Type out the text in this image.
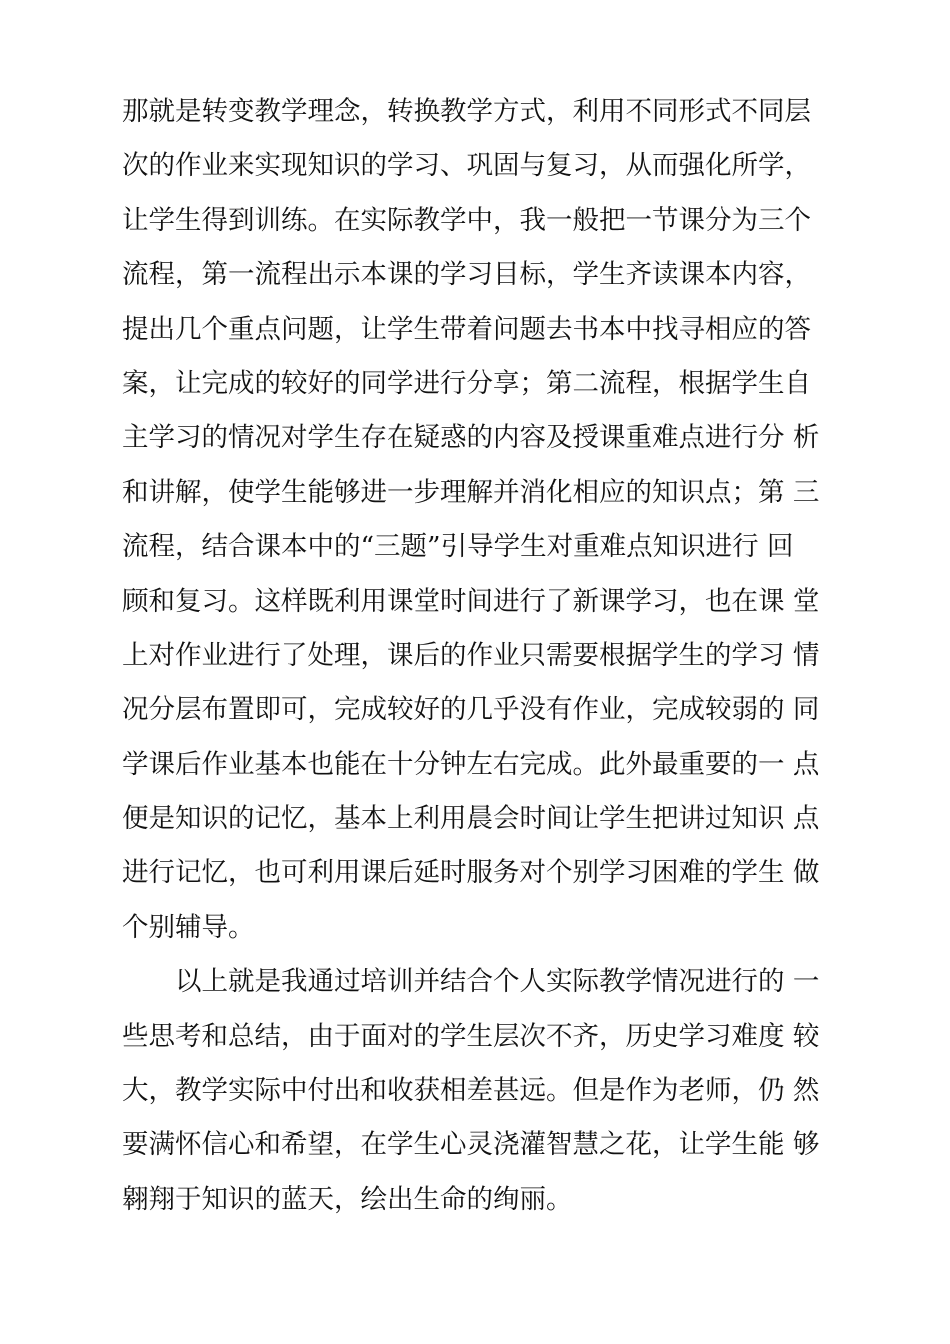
那就是转变教学理念，转换教学方式，利用不同形式不同层
次的作业来实现知识的学习、巩固与复习，从而强化所学，
让学生得到训练。在实际教学中，我一般把一节课分为三个
流程，第一流程出示本课的学习目标，学生齐读课本内容，
提出几个重点问题，让学生带着问题去书本中找寻相应的答
案，让完成的较好的同学进行分享；第二流程，根据学生自
主学习的情况对学生存在疑惑的内容及授课重难点进行分 析
和讲解，使学生能够进一步理解并消化相应的知识点；第 三
流程，结合课本中的“三题”引导学生对重难点知识进行 回
顾和复习。这样既利用课堂时间进行了新课学习，也在课 堂
上对作业进行了处理，课后的作业只需要根据学生的学习 情
况分层布置即可，完成较好的几乎没有作业，完成较弱的 同
学课后作业基本也能在十分钟左右完成。此外最重要的一 点
便是知识的记忆，基本上利用晨会时间让学生把讲过知识 点
进行记忆，也可利用课后延时服务对个别学习困难的学生 做
个别辅导。
以上就是我通过培训并结合个人实际教学情况进行的 一
些思考和总结，由于面对的学生层次不齐，历史学习难度 较
大，教学实际中付出和收获相差甚远。但是作为老师，仍 然
要满怀信心和希望，在学生心灵浇灌智慧之花，让学生能 够
翱翔于知识的蓝天，绘出生命的绚丽。
